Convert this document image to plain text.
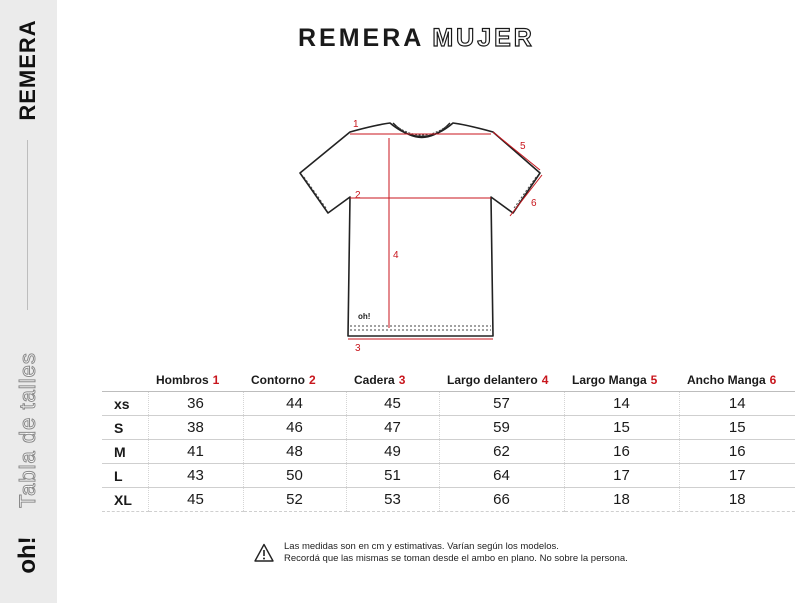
REMERA
Tabla de talles
oh!
REMERA MUJER
1
2
3
4
5
6
oh!
	Hombros 1	Contorno 2	Cadera 3	Largo delantero 4	Largo Manga 5	Ancho Manga 6
xs	36	44	45	57	14	14
S	38	46	47	59	15	15
M	41	48	49	62	16	16
L	43	50	51	64	17	17
XL	45	52	53	66	18	18
Las medidas son en cm y estimativas. Varían según los modelos.
Recordá que las mismas se toman desde el ambo en plano. No sobre la persona.
